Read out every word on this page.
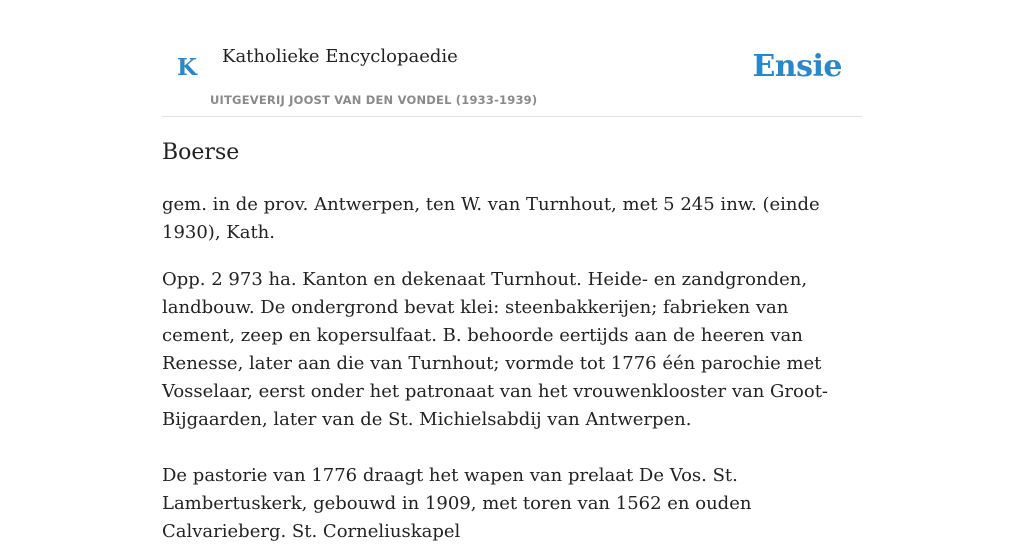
K Katholieke Encyclopaedie
UITGEVERIJ JOOST VAN DEN VONDEL (1933-1939)
Ensie
Boerse

gem. in de prov. Antwerpen, ten W. van Turnhout, met 5 245 inw. (einde 1930), Kath.

Opp. 2 973 ha. Kanton en dekenaat Turnhout. Heide- en zandgronden, landbouw. De ondergrond bevat klei: steenbakkerijen; fabrieken van cement, zeep en kopersulfaat. B. behoorde eertijds aan de heeren van Renesse, later aan die van Turnhout; vormde tot 1776 één parochie met Vosselaar, eerst onder het patronaat van het vrouwenklooster van Groot-Bijgaarden, later van de St. Michielsabdij van Antwerpen.

De pastorie van 1776 draagt het wapen van prelaat De Vos. St. Lambertuskerk, gebouwd in 1909, met toren van 1562 en ouden Calvarieberg. St. Corneliuskapel
